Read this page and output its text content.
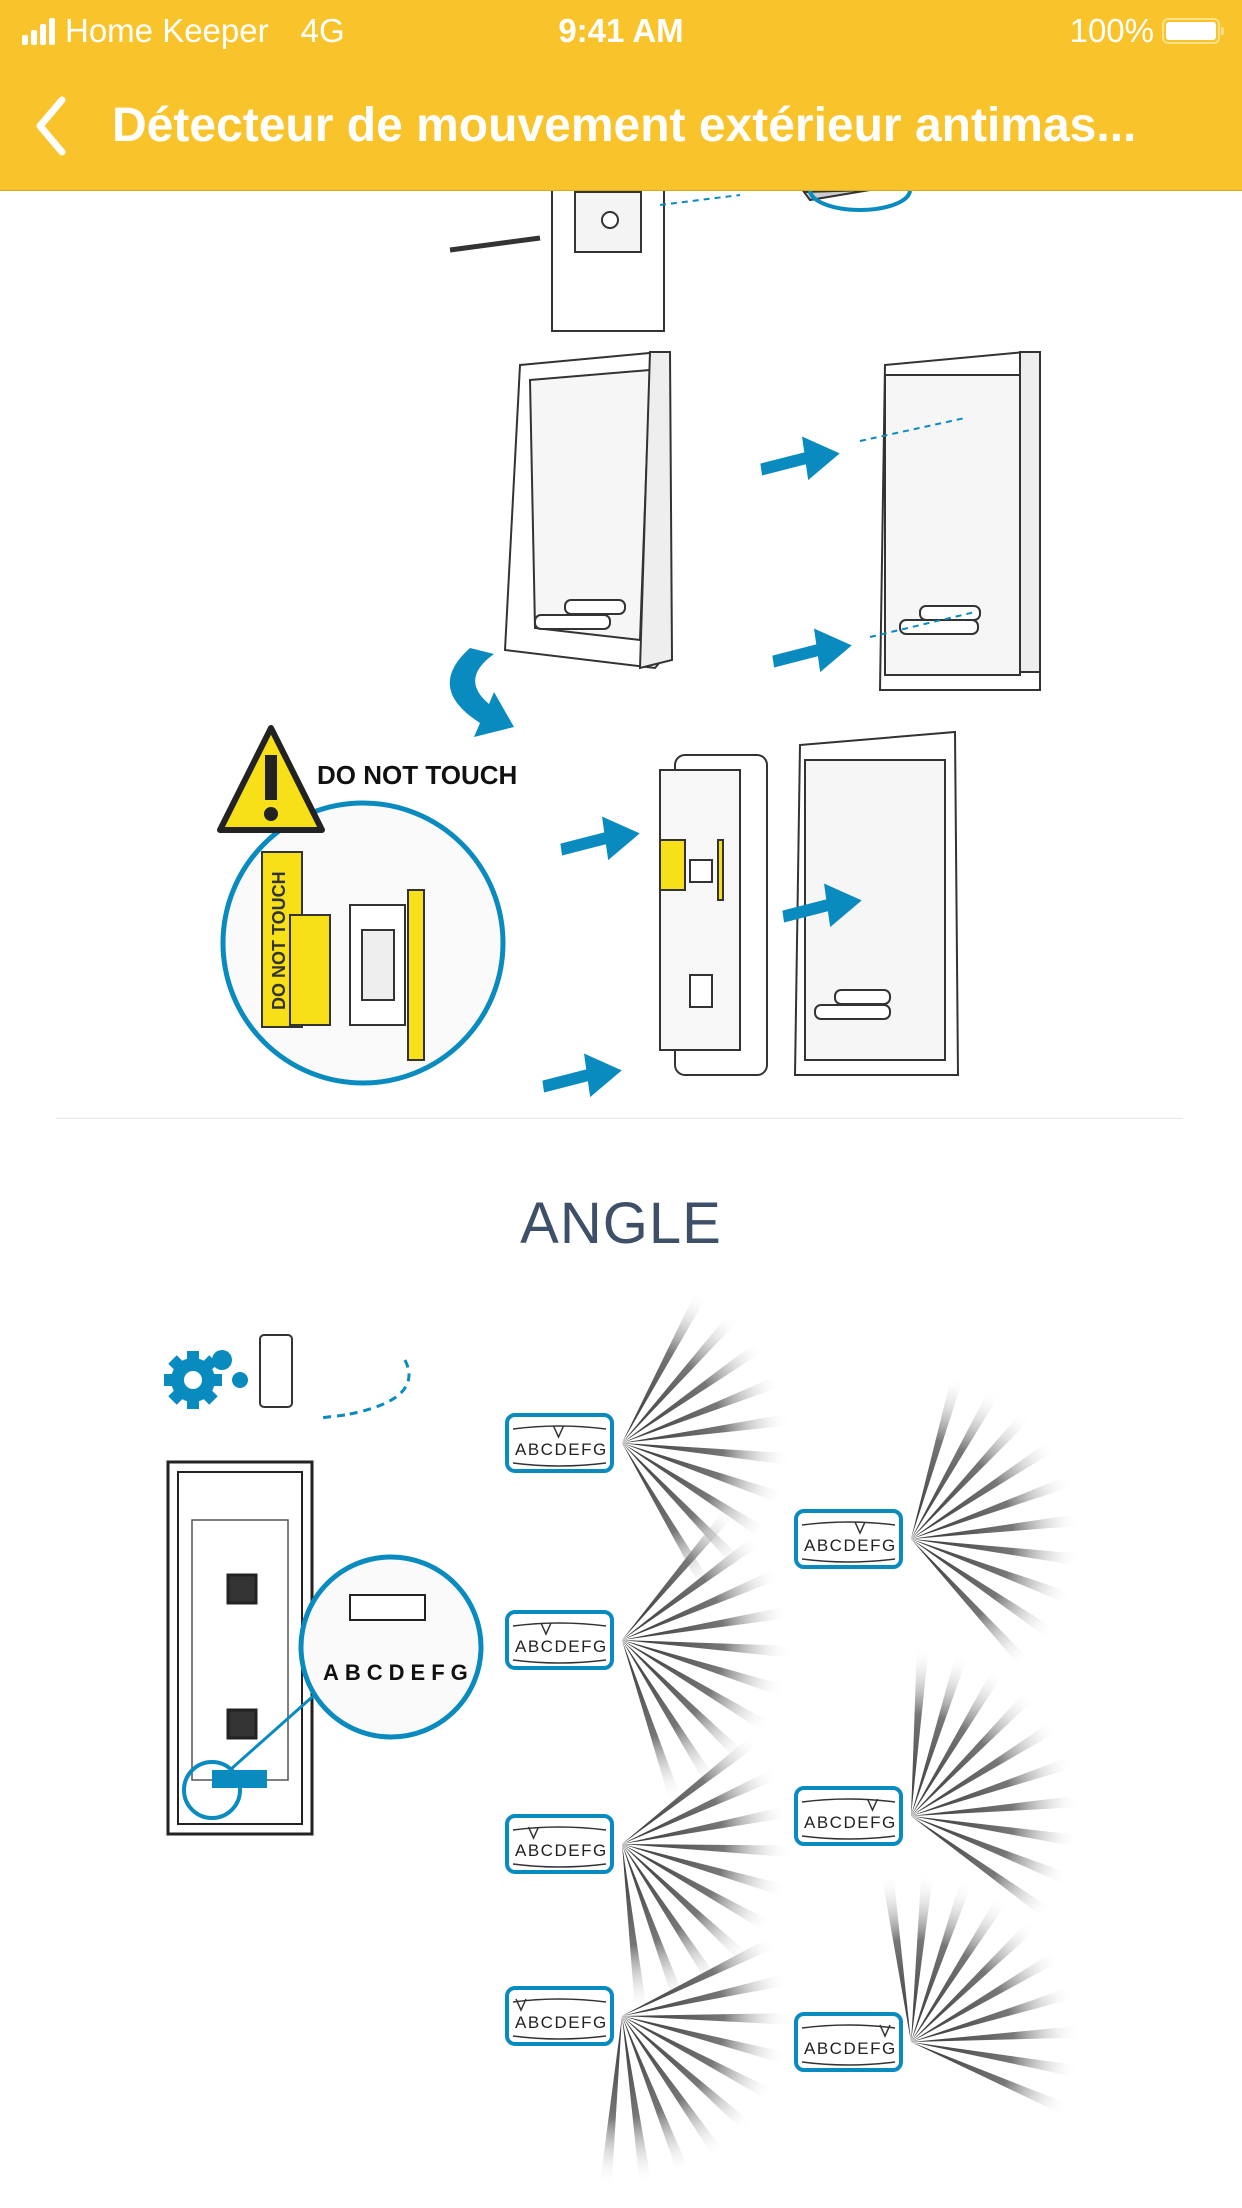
Home Keeper 4G	9:41 AM	100%
Détecteur de mouvement extérieur antimas...
DO NOT TOUCH
DO NOT TOUCH
ABCDEFG
ABCDEFG
ABCDEFG
ABCDEFG
ABCDEFG
ABCDEFG
ABCDEFG
ABCDEFG
ANGLE
